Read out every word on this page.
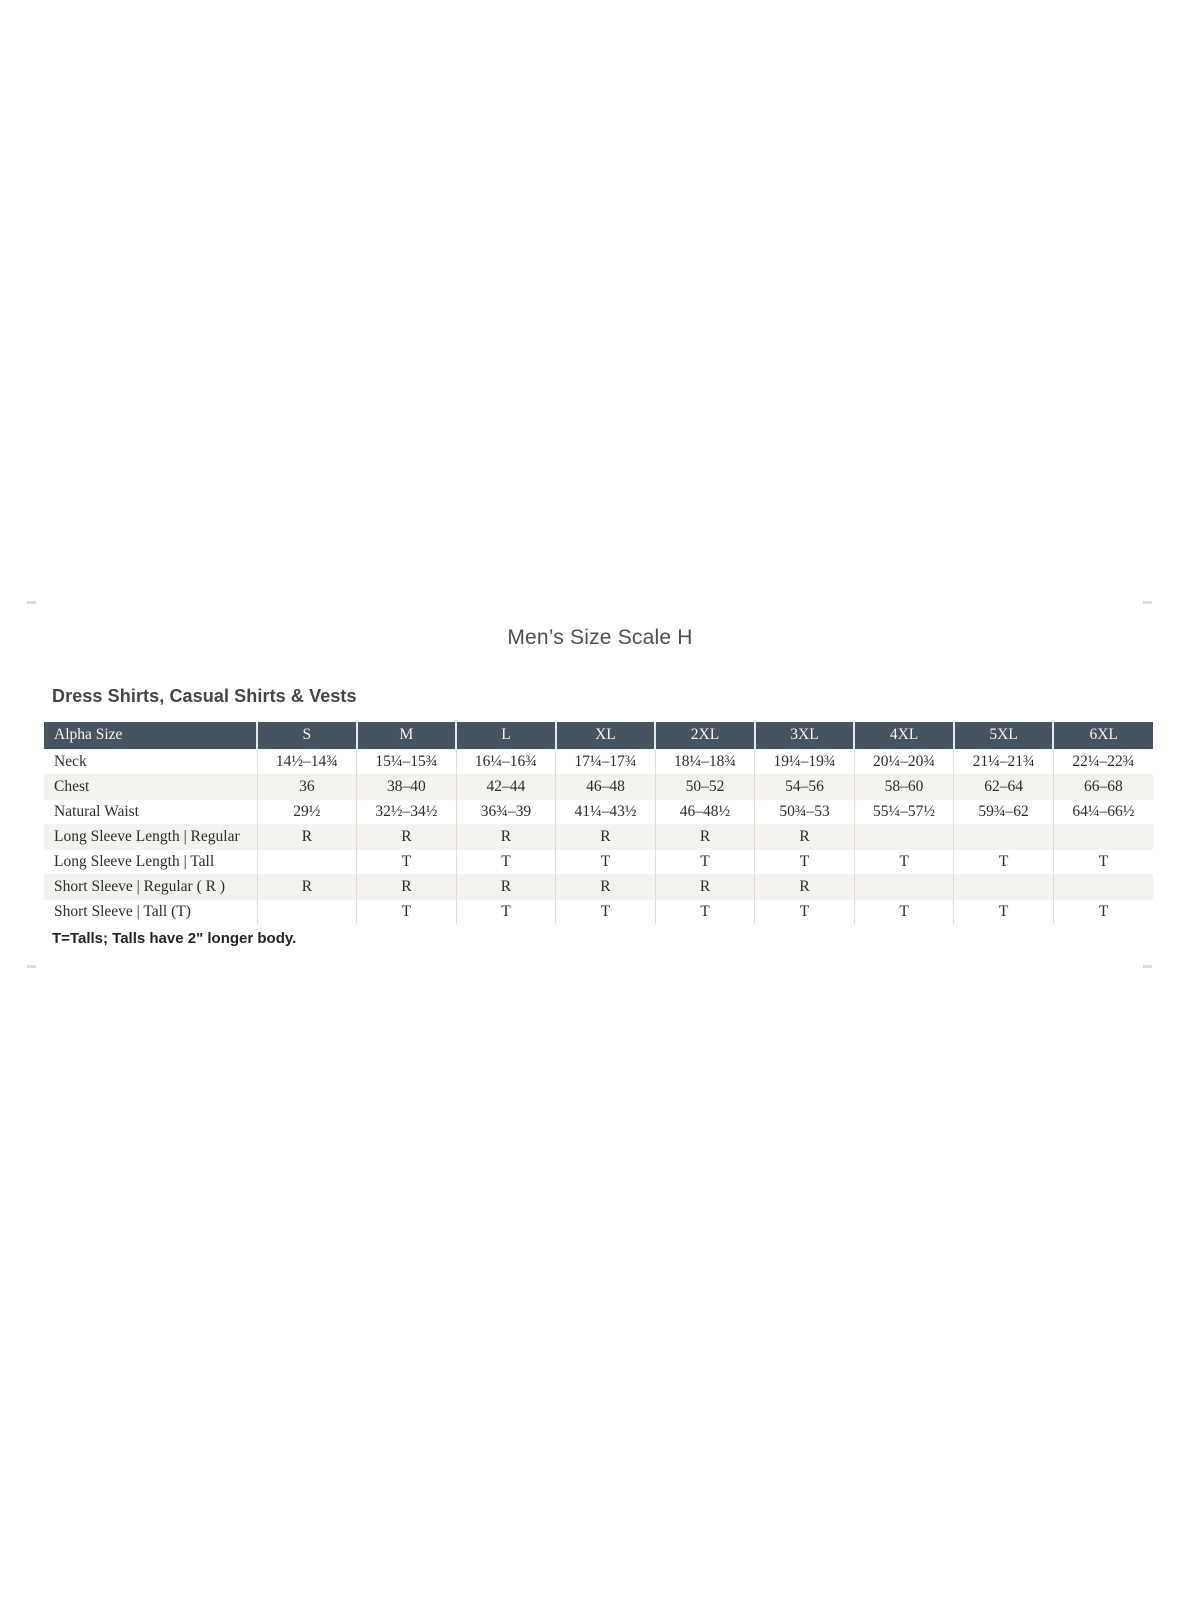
Men’s Size Scale H
Dress Shirts, Casual Shirts & Vests
Alpha Size	S	M	L	XL	2XL	3XL	4XL	5XL	6XL
Neck	14½–14¾	15¼–15¾	16¼–16¾	17¼–17¾	18¼–18¾	19¼–19¾	20¼–20¾	21¼–21¾	22¼–22¾
Chest	36	38–40	42–44	46–48	50–52	54–56	58–60	62–64	66–68
Natural Waist	29½	32½–34½	36¾–39	41¼–43½	46–48½	50¾–53	55¼–57½	59¾–62	64¼–66½
Long Sleeve Length | Regular	R	R	R	R	R	R			
Long Sleeve Length | Tall		T	T	T	T	T	T	T	T
Short Sleeve | Regular ( R )	R	R	R	R	R	R			
Short Sleeve | Tall (T)		T	T	T	T	T	T	T	T
T=Talls; Talls have 2" longer body.
